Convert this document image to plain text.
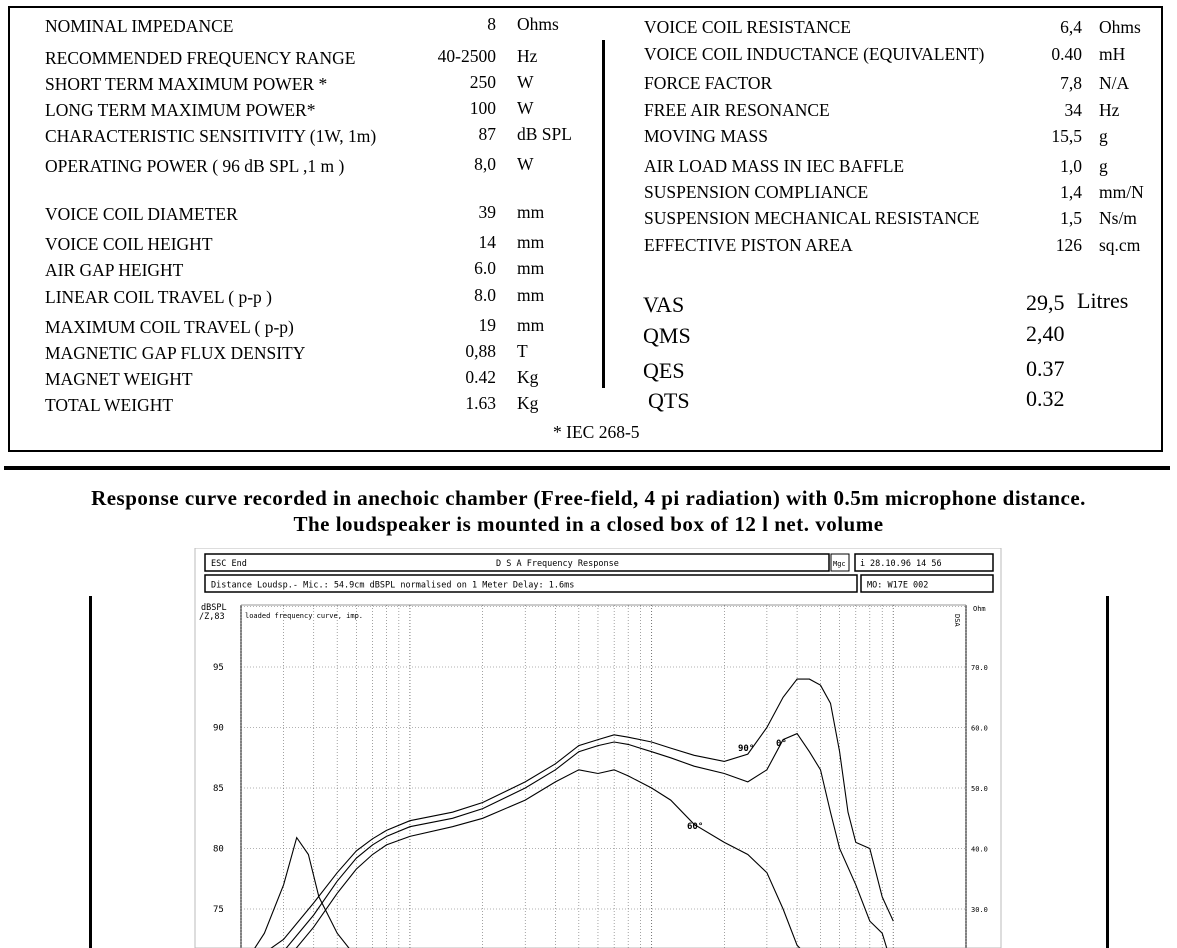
NOMINAL IMPEDANCE	8 Ohms
RECOMMENDED FREQUENCY RANGE	40-2500 Hz
SHORT TERM MAXIMUM POWER *	250 W
LONG TERM MAXIMUM POWER*	100 W
CHARACTERISTIC SENSITIVITY (1W, 1m)	87 dB SPL
OPERATING POWER ( 96 dB SPL ,1 m )	8,0 W
VOICE COIL DIAMETER	39 mm
VOICE COIL HEIGHT	14 mm
AIR GAP HEIGHT	6.0 mm
LINEAR COIL TRAVEL ( p-p )	8.0 mm
MAXIMUM COIL TRAVEL ( p-p)	19 mm
MAGNETIC GAP FLUX DENSITY	0,88 T
MAGNET WEIGHT	0.42 Kg
TOTAL WEIGHT	1.63 Kg
VOICE COIL RESISTANCE	6,4 Ohms
VOICE COIL INDUCTANCE (EQUIVALENT)	0.40 mH
FORCE FACTOR	7,8 N/A
FREE AIR RESONANCE	34 Hz
MOVING MASS	15,5 g
AIR LOAD MASS IN IEC BAFFLE	1,0 g
SUSPENSION COMPLIANCE	1,4 mm/N
SUSPENSION MECHANICAL RESISTANCE	1,5 Ns/m
EFFECTIVE PISTON AREA	126 sq.cm
VAS	29,5 Litres
QMS	2,40
QES	0.37
QTS	0.32
* IEC 268-5
Response curve recorded in anechoic chamber (Free-field, 4 pi radiation) with 0.5m microphone distance.
The loudspeaker is mounted in a closed box of 12 l net. volume
ESC End	D S A Frequency Response	Mgc i 28.10.96 14 56
Distance Loudsp.- Mic.: 54.9cm dBSPL normalised on 1 Meter Delay: 1.6ms	MO: W17E 002
dBSPL
/Z,83
Ohm
loaded frequency curve, imp.	DSA
95
90
85
80
75
70.0
60.0
50.0
40.0
30.0
90° 0°
60°
